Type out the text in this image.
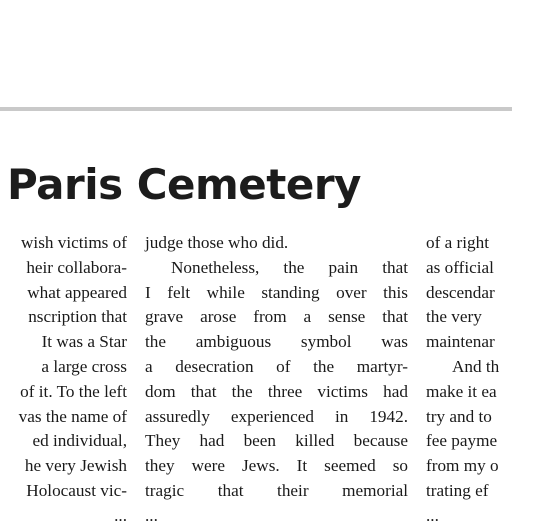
Paris Cemetery
wish victims of
heir collabora-
what appeared
nscription that
It was a Star
a large cross
of it. To the left
vas the name of
ed individual,
he very Jewish
Holocaust vic-
...
judge those who did.
Nonetheless, the pain that
I felt while standing over this
grave arose from a sense that
the ambiguous symbol was
a desecration of the martyr-
dom that the three victims had
assuredly experienced in 1942.
They had been killed because
they were Jews. It seemed so
tragic that their memorial
...
of a right
as official
descendar
the very
maintenar
And th
make it ea
try and to
fee payme
from my o
trating ef
...
